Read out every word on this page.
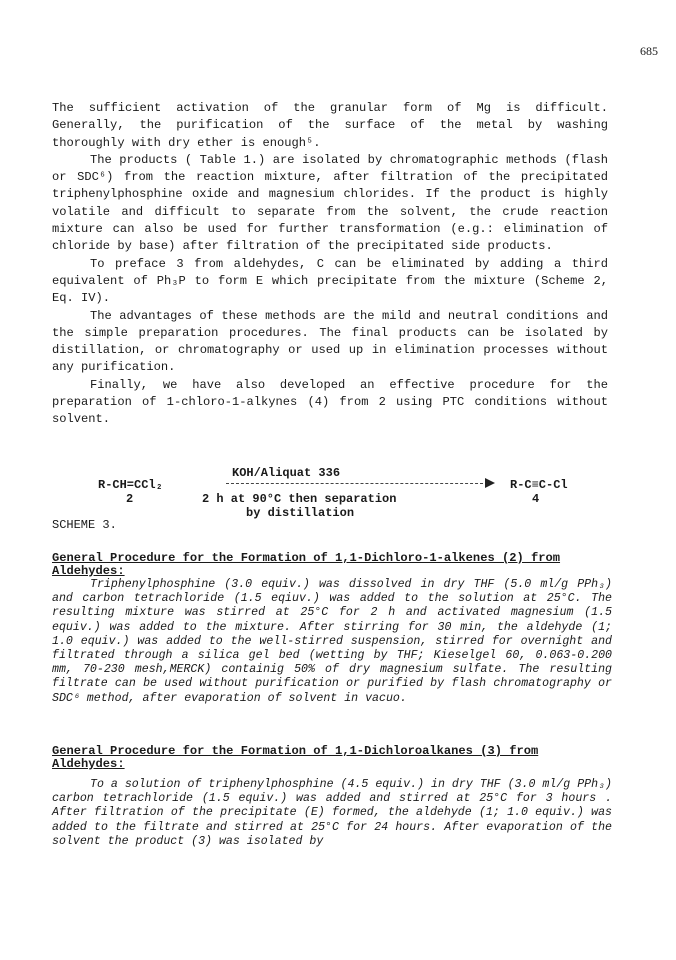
685

The sufficient activation of the granular form of Mg is difficult. Generally, the purification of the surface of the metal by washing thoroughly with dry ether is enough⁵.

The products ( Table 1.) are isolated by chromatographic methods (flash or SDC⁶) from the reaction mixture, after filtration of the precipitated triphenylphosphine oxide and magnesium chlorides. If the product is highly volatile and difficult to separate from the solvent, the crude reaction mixture can also be used for further transformation (e.g.: elimination of chloride by base) after filtration of the precipitated side products.

To preface 3 from aldehydes, C can be eliminated by adding a third equivalent of Ph₃P to form E which precipitate from the mixture (Scheme 2, Eq. IV).

The advantages of these methods are the mild and neutral conditions and the simple preparation procedures. The final products can be isolated by distillation, or chromatography or used up in elimination processes without any purification.

Finally, we have also developed an effective procedure for the preparation of 1-chloro-1-alkynes (4) from 2 using PTC conditions without solvent.

KOH/Aliquat 336
R-CH=CCl₂	R-C≡C-Cl
2	2 h at 90°C then separation	4
by distillation
SCHEME 3.
General Procedure for the Formation of 1,1-Dichloro-1-alkenes (2) from
Aldehydes:

Triphenylphosphine (3.0 equiv.) was dissolved in dry THF (5.0 ml/g PPh₃) and carbon tetrachloride (1.5 eqiuv.) was added to the solution at 25°C. The resulting mixture was stirred at 25°C for 2 h and activated magnesium (1.5 equiv.) was added to the mixture. After stirring for 30 min, the aldehyde (1; 1.0 equiv.) was added to the well-stirred suspension, stirred for overnight and filtrated through a silica gel bed (wetting by THF; Kieselgel 60, 0.063-0.200 mm, 70-230 mesh,MERCK) containig 50% of dry magnesium sulfate. The resulting filtrate can be used without purification or purified by flash chromatography or SDC⁶ method, after evaporation of solvent in vacuo.

General Procedure for the Formation of 1,1-Dichloroalkanes (3) from
Aldehydes:

To a solution of triphenylphosphine (4.5 equiv.) in dry THF (3.0 ml/g PPh₃) carbon tetrachloride (1.5 equiv.) was added and stirred at 25°C for 3 hours . After filtration of the precipitate (E) formed, the aldehyde (1; 1.0 equiv.) was added to the filtrate and stirred at 25°C for 24 hours. After evaporation of the solvent the product (3) was isolated by
